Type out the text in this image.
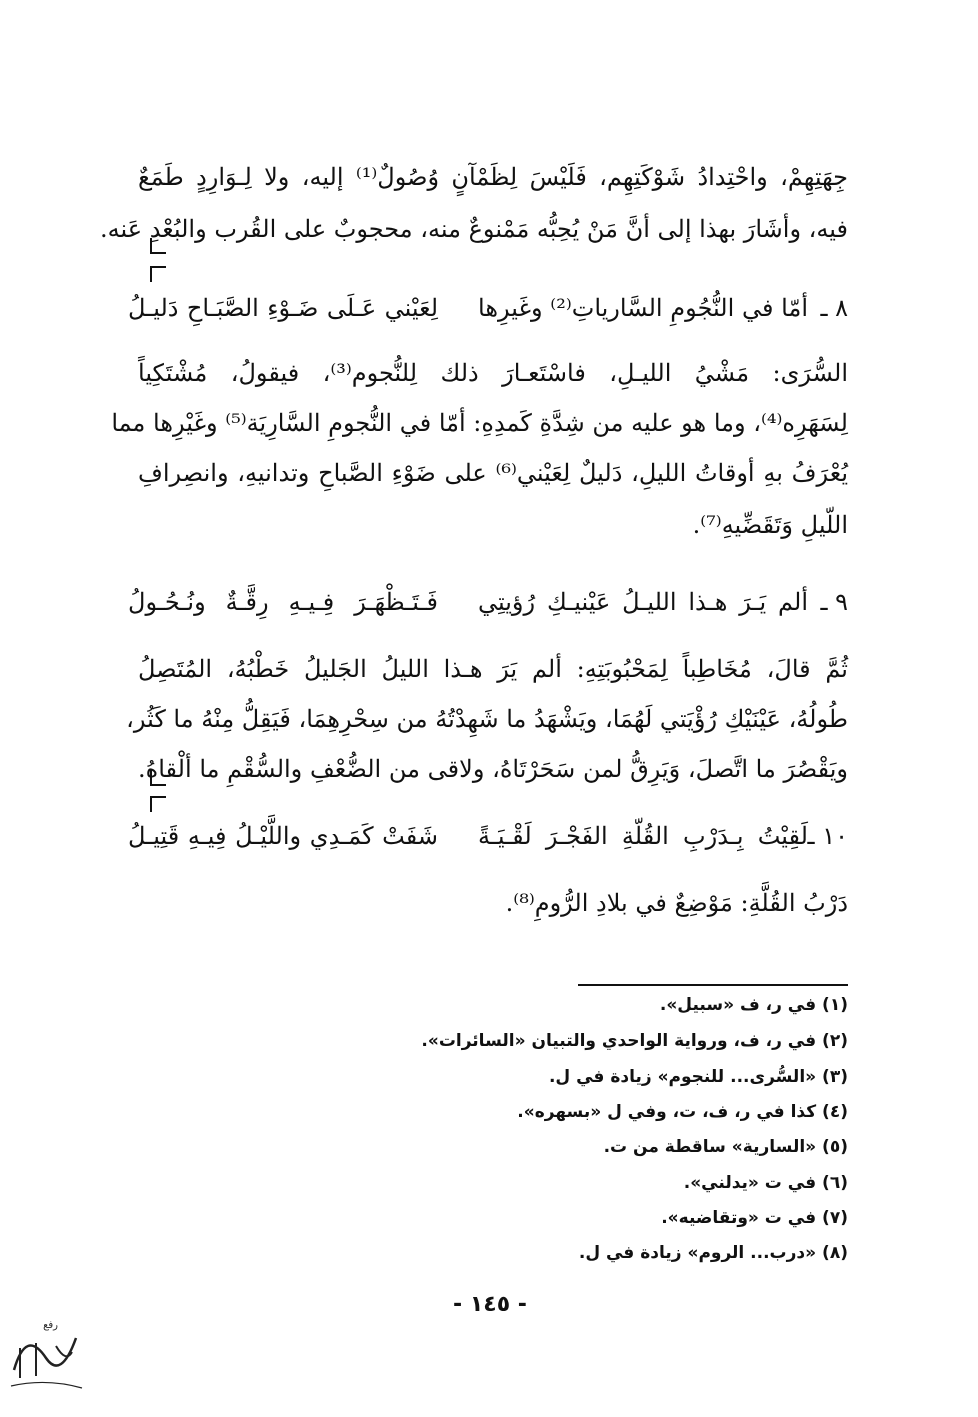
جِهَتِهِمْ، واحْتِدادُ شَوْكَتِهِم، فَلَيْسَ لِظَمْآنٍ وُصُولٌ⁽¹⁾ إليه، ولا لِـوَارِدٍ طَمَعٌ
فيه، وأشَارَ بهذا إلى أنَّ مَنْ يُحِبُّه مَمْنوعٌ منه، محجوبٌ على القُرب والبُعْدِ عَنه.
٨ ـ
أمّا في النُّجُومِ السَّارياتِ⁽²⁾ وغَيرِها
لِعَيْني عَـلَى ضَـوْءِ الصَّبَـاحِ دَليـلُ
السُّرَى: مَشْيُ الليـلِ، فاسْتَعـارَ ذلك لِلنُّجوم⁽³⁾، فيقولُ، مُشْتَكِياً
لِسَهَرِه⁽⁴⁾، وما هو عليه من شِدَّةِ كَمدِهِ: أمّا في النُّجومِ السَّارِيَة⁽⁵⁾ وغَيْرِها مما
يُعْرَفُ بهِ أوقاتُ الليلِ، دَليلٌ لِعَيْني⁽⁶⁾ على ضَوْءِ الصَّباحِ وتدانيهِ، وانصِرافِ
اللّيلِ وَتَقَضِّيهِ⁽⁷⁾.
٩ ـ
ألم يَـرَ هـذا الليـلُ عَيْنيـكِ رُؤيتِي
فَـتَـظْهَـرَ فِـيـهِ رِقَّـةٌ ونُـحُـولُ
ثُمَّ قالَ، مُخَاطِباً لِمَحْبُوبَتِهِ: ألم يَرَ هـذا الليلُ الجَليلُ خَطْبُهُ، المُتَصِلُ
طُولُهُ، عَيْنَيْكِ رُؤْيَتي لَهُمَا، ويَشْهَدُ ما شَهِدْتُهُ من سِحْرِهِمَا، فَيَقِلُّ مِنْهُ ما كَثُر،
ويَقْصُرَ ما اتَّصلَ، وَيَرِقُّ لمن سَحَرْتَاهُ، ولاقى من الضُّعْفِ والسُّقْمِ ما ألْقاهُ.
١٠ ـ
لَقِيْتُ بِـدَرْبِ القُلّةِ الفَجْـرَ لَقْـيَـةً
شَفَتْ كَمَـدِي واللَّيْـلُ فِيـهِ قَتِيـلُ
دَرْبُ القُلَّةِ: مَوْضِعٌ في بلادِ الرُّومِ⁽⁸⁾.
(١) في ر، ف «سبيل».
(٢) في ر، ف، ورواية الواحدي والتبيان «السائرات».
(٣) «السُّرى... للنجوم» زيادة في ل.
(٤) كذا في ر، ف، ت، وفي ل «بسهره».
(٥) «السارية» ساقطة من ت.
(٦) في ت «يدلني».
(٧) في ت «وتقاضيه».
(٨) «درب... الروم» زيادة في ل.
- ١٤٥ -
رفع
